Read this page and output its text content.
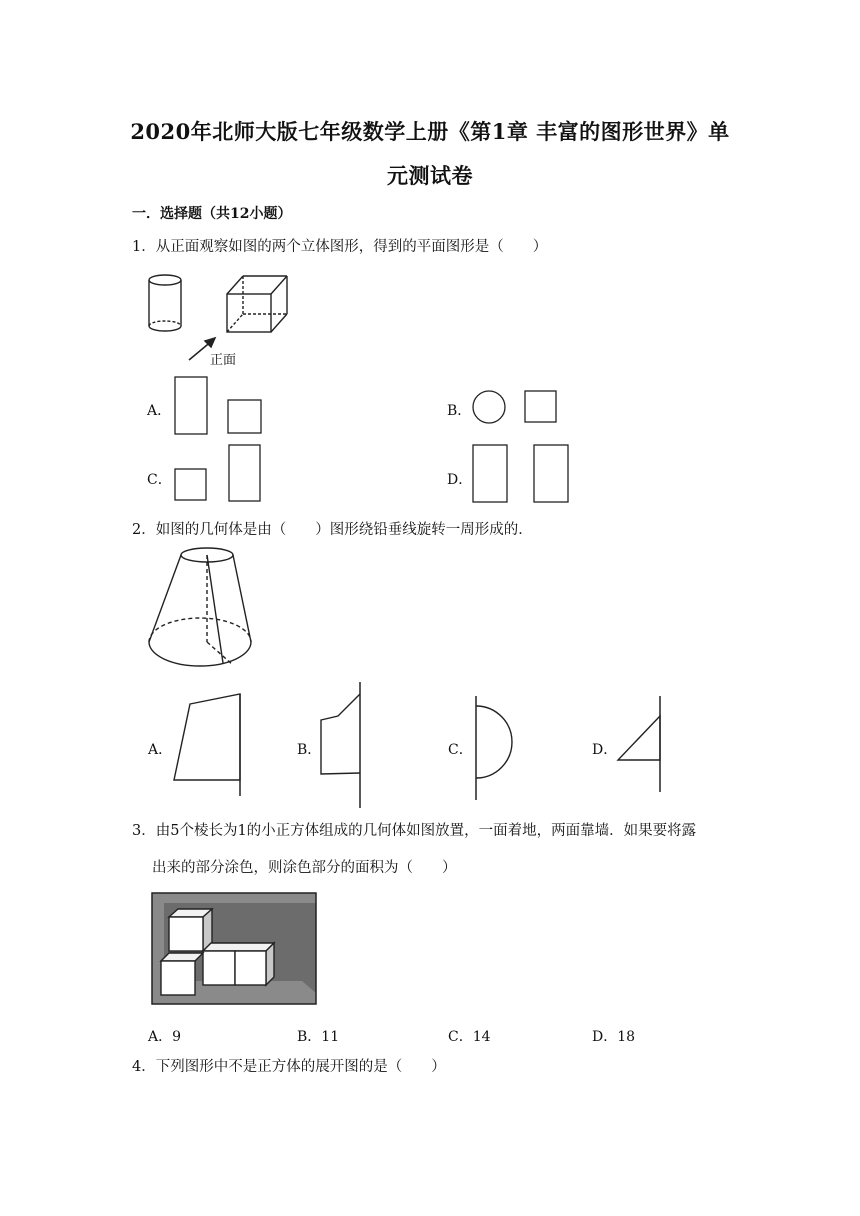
2020年北师大版七年级数学上册《第1章 丰富的图形世界》单
元测试卷
一．选择题（共12小题）
1．从正面观察如图的两个立体图形，得到的平面图形是（　　）
正面
A．	B．
C．	D．
2．如图的几何体是由（　　）图形绕铅垂线旋转一周形成的．
A．	B．	C．	D．
3．由5个棱长为1的小正方体组成的几何体如图放置，一面着地，两面靠墙．如果要将露
出来的部分涂色，则涂色部分的面积为（　　）
A．9	B．11	C．14	D．18
4．下列图形中不是正方体的展开图的是（　　）
